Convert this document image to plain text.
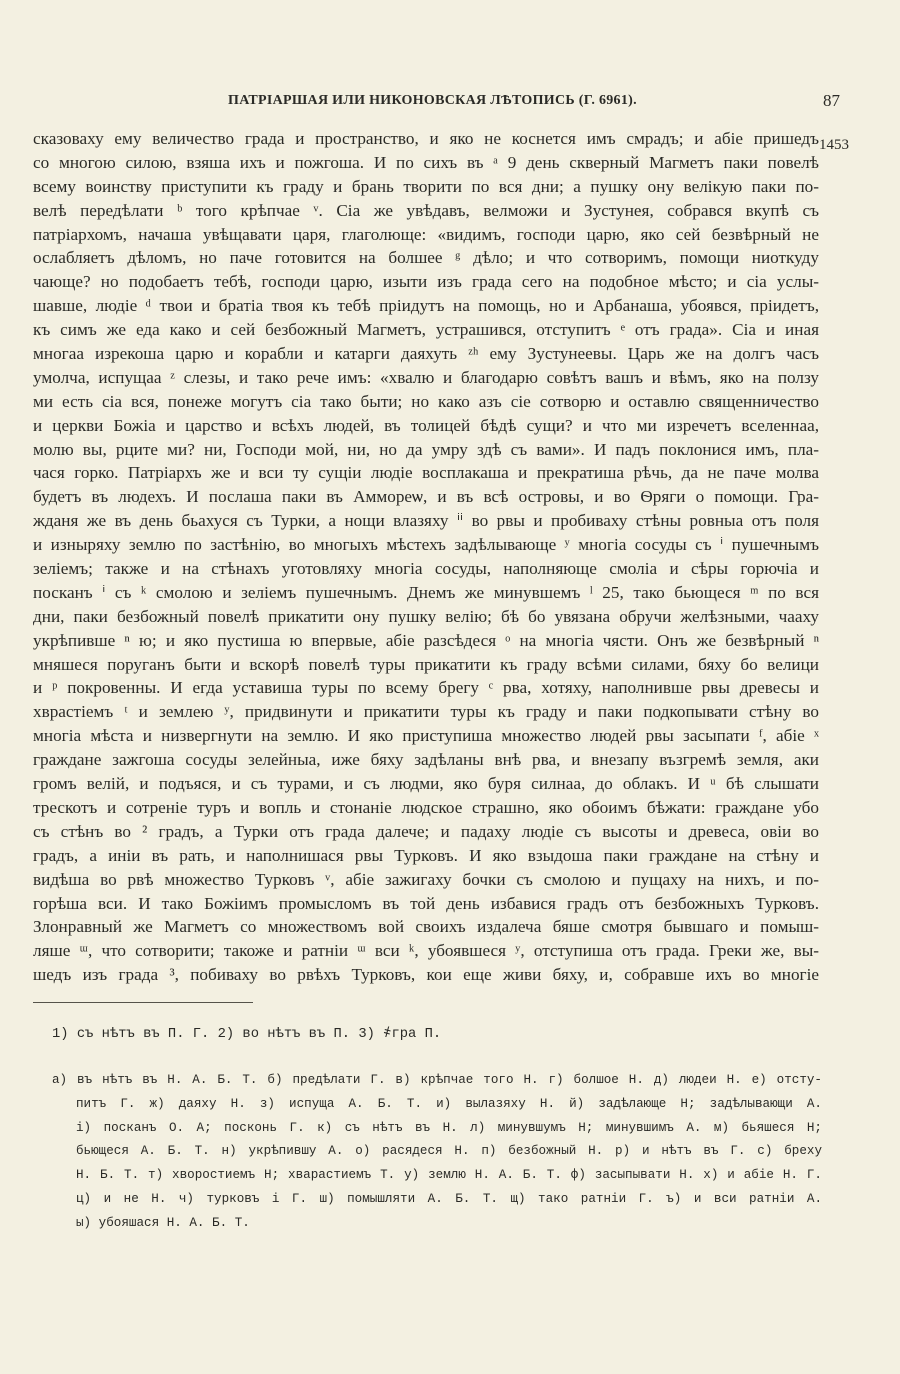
ПАТРІАРШАЯ ИЛИ НИКОНОВСКАЯ ЛѢТОПИСЬ (Г. 6961).	87
1453
сказоваху ему величество града и пространство, и яко не коснется имъ смрадъ; и абіе пришедъ
со многою силою, взяша ихъ и пожгоша. И по сихъ въ ᵃ 9 день скверный Магметъ паки повелѣ
всему воинству приступити къ граду и брань творити по вся дни; а пушку ону велікую паки по-
велѣ передѣлати ᵇ того крѣпчае ᵛ. Сіа же увѣдавъ, велможи и Зустунея, собрався вкупѣ съ
патріархомъ, начаша увѣщавати царя, глаголюще: «видимъ, господи царю, яко сей безвѣрный не
ослабляетъ дѣломъ, но паче готовится на болшее ᵍ дѣло; и что сотворимъ, помощи ниоткуду
чающе? но подобаетъ тебѣ, господи царю, изыти изъ града сего на подобное мѣсто; и сіа услы-
шавше, людіе ᵈ твои и братіа твоя къ тебѣ пріидутъ на помощь, но и Арбанаша, убоявся, пріидетъ,
къ симъ же еда како и сей безбожный Магметъ, устрашився, отступитъ ᵉ отъ града». Сіа и иная
многаа изрекоша царю и корабли и катарги даяхуть ᶻʰ ему Зустунеевы. Царь же на долгъ часъ
умолча, испущаа ᶻ слезы, и тако рече имъ: «хвалю и благодарю совѣтъ вашъ и вѣмъ, яко на ползу
ми есть сіа вся, понеже могутъ сіа тако быти; но како азъ сіе сотворю и оставлю священничество
и церкви Божіа и царство и всѣхъ людей, въ толицей бѣдѣ сущи? и что ми изречетъ вселеннаа,
молю вы, рците ми? ни, Господи мой, ни, но да умру здѣ съ вами». И падъ поклонися имъ, пла-
чася горко. Патріархъ же и вси ту сущіи людіе восплакаша и прекратиша рѣчь, да не паче молва
будетъ въ людехъ. И послаша паки въ Аммореѡ, и въ всѣ островы, и во Ѳряги о помощи. Гра-
жданя же въ день бьахуся съ Турки, а нощи влазяху ⁱⁱ во рвы и пробиваху стѣны ровныа отъ поля
и изныряху землю по застѣнію, во многыхъ мѣстехъ задѣлывающе ʸ многіа сосуды съ ⁱ пушечнымъ
зеліемъ; также и на стѣнахъ уготовляху многіа сосуды, наполняюще смоліа и сѣры горючіа и
посканъ ⁱ съ ᵏ смолою и зеліемъ пушечнымъ. Днемъ же минувшемъ ˡ 25, тако бьющеся ᵐ по вся
дни, паки безбожный повелѣ прикатити ону пушку велію; бѣ бо увязана обручи желѣзными, чааху
укрѣпивше ⁿ ю; и яко пустиша ю впервые, абіе разсѣдеся ᵒ на многіа чясти. Онъ же безвѣрный ⁿ
мняшеся поруганъ быти и вскорѣ повелѣ туры прикатити къ граду всѣми силами, бяху бо велици
и ᵖ покровенны. И егда уставиша туры по всему брегу ᶜ рва, хотяху, наполнивше рвы древесы и
хврастіемъ ᵗ и землею ʸ, придвинути и прикатити туры къ граду и паки подкопывати стѣну во
многіа мѣста и низвергнути на землю. И яко приступиша множество людей рвы засыпати ᶠ, абіе ˣ
граждане зажгоша сосуды зелейныа, иже бяху задѣланы внѣ рва, и внезапу възгремѣ земля, аки
громъ велій, и подъяся, и съ турами, и съ людми, яко буря силнаа, до облакъ. И ᵘ бѣ слышати
трескотъ и сотреніе туръ и вопль и стонаніе людское страшно, яко обоимъ бѣжати: граждане убо
съ стѣнъ во ² градъ, а Турки отъ града далече; и падаху людіе съ высоты и древеса, овіи во
градъ, а иніи въ рать, и наполнишася рвы Турковъ. И яко взыдоша паки граждане на стѣну и
видѣша во рвѣ множество Турковъ ᵛ, абіе зажигаху бочки съ смолою и пущаху на нихъ, и по-
горѣша вси. И тако Божіимъ промысломъ въ той день избавися градъ отъ безбожныхъ Турковъ.
Злонравный же Магметъ со множествомъ вой своихъ издалеча бяше смотря бывшаго и помыш-
ляше ᵚ, что сотворити; такоже и ратніи ᵚ вси ᵏ, убоявшеся ʸ, отступиша отъ града. Греки же, вы-
шедъ изъ града ³, побиваху во рвѣхъ Турковъ, кои еще живи бяху, и, собравше ихъ во многіе
1) съ нѣтъ въ П. Г. 2) во нѣтъ въ П. 3) ҂гра П.
а) въ нѣтъ въ Н. А. Б. Т. б) предѣлати Г. в) крѣпчае того Н. г) болшое Н. д) людеи Н. е) отсту-
питъ Г. ж) даяху Н. з) испуща А. Б. Т. и) вылазяху Н. й) задѣлающе Н; задѣлывающи А.
і) посканъ О. А; посконь Г. к) съ нѣтъ въ Н. л) минувшумъ Н; минувшимъ А. м) бьяшеся Н;
бьющеся А. Б. Т. н) укрѣпившу А. о) расядеся Н. п) безбожный Н. р) и нѣтъ въ Г. с) бреху
Н. Б. Т. т) хворостиемъ Н; хварастиемъ Т. у) землю Н. А. Б. Т. ф) засыпывати Н. х) и абіе Н. Г.
ц) и не Н. ч) турковъ і Г. ш) помышляти А. Б. Т. щ) тако ратніи Г. ъ) и вси ратніи А.
ы) убояшася Н. А. Б. Т.
